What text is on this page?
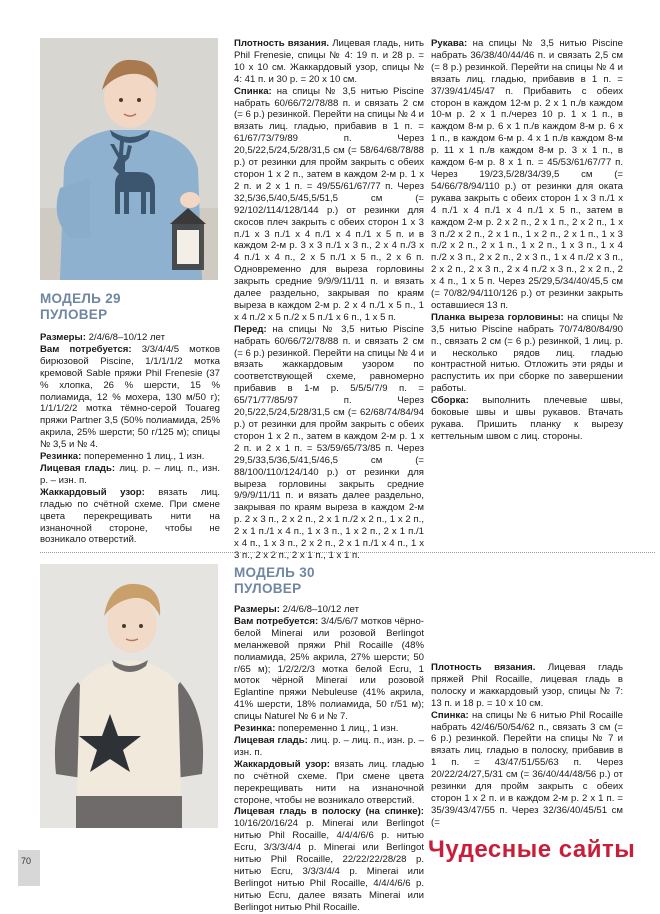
МОДЕЛЬ 29
ПУЛОВЕР

Размеры: 2/4/6/8–10/12 лет

Вам потребуется: 3/3/4/4/5 мотков бирюзовой Piscine, 1/1/1/1/2 мотка кремовой Sable пряжи Phil Frenesie (37 % хлопка, 26 % шерсти, 15 % полиамида, 12 % мохера, 130 м/50 г); 1/1/1/2/2 мотка тёмно-серой Touareg пряжи Partner 3,5 (50% полиамида, 25% акрила, 25% шерсти; 50 г/125 м); спицы № 3,5 и № 4.

Резинка: попеременно 1 лиц., 1 изн.

Лицевая гладь: лиц. р. – лиц. п., изн. р. – изн. п.

Жаккардовый узор: вязать лиц. гладью по счётной схеме. При смене цвета перекрещивать нити на изнаночной стороне, чтобы не возникало отверстий.

Плотность вязания. Лицевая гладь, нить Phil Frenesie, спицы № 4: 19 п. и 28 р. = 10 x 10 см. Жаккардовый узор, спицы № 4: 41 п. и 30 р. = 20 x 10 см.

Спинка: на спицы № 3,5 нитью Piscine набрать 60/66/72/78/88 п. и связать 2 см (= 6 р.) резинкой. Перейти на спицы № 4 и вязать лиц. гладью, прибавив в 1 п. = 61/67/73/79/89 п. Через 20,5/22,5/24,5/28/31,5 см (= 58/64/68/78/88 р.) от резинки для пройм закрыть с обеих сторон 1 x 2 п., затем в каждом 2-м р. 1 x 2 п. и 2 x 1 п. = 49/55/61/67/77 п. Через 32,5/36,5/40,5/45,5/51,5 см (= 92/102/114/128/144 р.) от резинки для скосов плеч закрыть с обеих сторон 1 x 3 п./1 x 3 п./1 x 4 п./1 x 4 п./1 x 5 п. и в каждом 2-м р. 3 x 3 п./1 x 3 п., 2 x 4 п./3 x 4 п./1 x 4 п., 2 x 5 п./1 x 5 п., 2 x 6 п. Одновременно для выреза горловины закрыть средние 9/9/9/11/11 п. и вязать далее раздельно, закрывая по краям выреза в каждом 2-м р. 2 x 4 п./1 x 5 п., 1 x 4 п./2 x 5 п./2 x 5 п./1 x 6 п., 1 x 5 п.

Перед: на спицы № 3,5 нитью Piscine набрать 60/66/72/78/88 п. и связать 2 см (= 6 р.) резинкой. Перейти на спицы № 4 и вязать жаккардовым узором по соответствующей схеме, равномерно прибавив в 1-м р. 5/5/5/7/9 п. = 65/71/77/85/97 п. Через 20,5/22,5/24,5/28/31,5 см (= 62/68/74/84/94 р.) от резинки для пройм закрыть с обеих сторон 1 x 2 п., затем в каждом 2-м р. 1 x 2 п. и 2 x 1 п. = 53/59/65/73/85 п. Через 29,5/33,5/36,5/41,5/46,5 см (= 88/100/110/124/140 р.) от резинки для выреза горловины закрыть средние 9/9/9/11/11 п. и вязать далее раздельно, закрывая по краям выреза в каждом 2-м р. 2 x 3 п., 2 x 2 п., 2 x 1 п./2 x 2 п., 1 x 2 п., 2 x 1 п./1 x 4 п., 1 x 3 п., 1 x 2 п., 2 x 1 п./1 x 4 п., 1 x 3 п., 2 x 2 п., 2 x 1 п./1 x 4 п., 1 x 3 п., 2 x 2 п., 2 x 1 п., 1 x 1 п.

Рукава: на спицы № 3,5 нитью Piscine набрать 36/38/40/44/46 п. и связать 2,5 см (= 8 р.) резинкой. Перейти на спицы № 4 и вязать лиц. гладью, прибавив в 1 п. = 37/39/41/45/47 п. Прибавить с обеих сторон в каждом 12-м р. 2 x 1 п./в каждом 10-м р. 2 x 1 п./через 10 р. 1 x 1 п., в каждом 8-м р. 6 x 1 п./в каждом 8-м р. 6 x 1 п., в каждом 6-м р. 4 x 1 п./в каждом 8-м р. 11 x 1 п./в каждом 8-м р. 3 x 1 п., в каждом 6-м р. 8 x 1 п. = 45/53/61/67/77 п. Через 19/23,5/28/34/39,5 см (= 54/66/78/94/110 р.) от резинки для оката рукава закрыть с обеих сторон 1 x 3 п./1 x 4 п./1 x 4 п./1 x 4 п./1 x 5 п., затем в каждом 2-м р. 2 x 2 п., 2 x 1 п., 2 x 2 п., 1 x 3 п./2 x 2 п., 2 x 1 п., 1 x 2 п., 2 x 1 п., 1 x 3 п./2 x 2 п., 2 x 1 п., 1 x 2 п., 1 x 3 п., 1 x 4 п./2 x 3 п., 2 x 2 п., 2 x 3 п., 1 x 4 п./2 x 3 п., 2 x 2 п., 2 x 3 п., 2 x 4 п./2 x 3 п., 2 x 2 п., 2 x 4 п., 1 x 5 п. Через 25/29,5/34/40/45,5 см (= 70/82/94/110/126 р.) от резинки закрыть оставшиеся 13 п.

Планка выреза горловины: на спицы № 3,5 нитью Piscine набрать 70/74/80/84/90 п., связать 2 см (= 6 р.) резинкой, 1 лиц. р. и несколько рядов лиц. гладью контрастной нитью. Отложить эти ряды и распустить их при сборке по завершении работы.

Сборка: выполнить плечевые швы, боковые швы и швы рукавов. Втачать рукава. Пришить планку к вырезу кеттельным швом с лиц. стороны.

МОДЕЛЬ 30
ПУЛОВЕР

Размеры: 2/4/6/8–10/12 лет

Вам потребуется: 3/4/5/6/7 мотков чёрно-белой Minerai или розовой Berlingot меланжевой пряжи Phil Rocaille (48% полиамида, 25% акрила, 27% шерсти; 50 г/65 м); 1/2/2/2/3 мотка белой Ecru, 1 моток чёрной Minerai или розовой Eglantine пряжи Nebuleuse (41% акрила, 41% шерсти, 18% полиамида, 50 г/51 м); спицы Naturel № 6 и № 7.

Резинка: попеременно 1 лиц., 1 изн.

Лицевая гладь: лиц. р. – лиц. п., изн. р. – изн. п.

Жаккардовый узор: вязать лиц. гладью по счётной схеме. При смене цвета перекрещивать нити на изнаночной стороне, чтобы не возникало отверстий.

Лицевая гладь в полоску (на спинке): 10/16/20/16/24 р. Minerai или Berlingot нитью Phil Rocaille, 4/4/4/6/6 р. нитью Ecru, 3/3/3/4/4 р. Minerai или Berlingot нитью Phil Rocaille, 22/22/22/28/28 р. нитью Ecru, 3/3/3/4/4 р. Minerai или Berlingot нитью Phil Rocaille, 4/4/4/6/6 р. нитью Ecru, далее вязать Minerai или Berlingot нитью Phil Rocaille.

Плотность вязания. Лицевая гладь пряжей Phil Rocaille, лицевая гладь в полоску и жаккардовый узор, спицы № 7: 13 п. и 18 р. = 10 x 10 см.

Спинка: на спицы № 6 нитью Phil Rocaille набрать 42/46/50/54/62 п., связать 3 см (= 6 р.) резинкой. Перейти на спицы № 7 и вязать лиц. гладью в полоску, прибавив в 1 п. = 43/47/51/55/63 п. Через 20/22/24/27,5/31 см (= 36/40/44/48/56 р.) от резинки для пройм закрыть с обеих сторон 1 x 2 п. и в каждом 2-м р. 2 x 1 п. = 35/39/43/47/55 п. Через 32/36/40/45/51 см (=

70	Чудесные сайты
